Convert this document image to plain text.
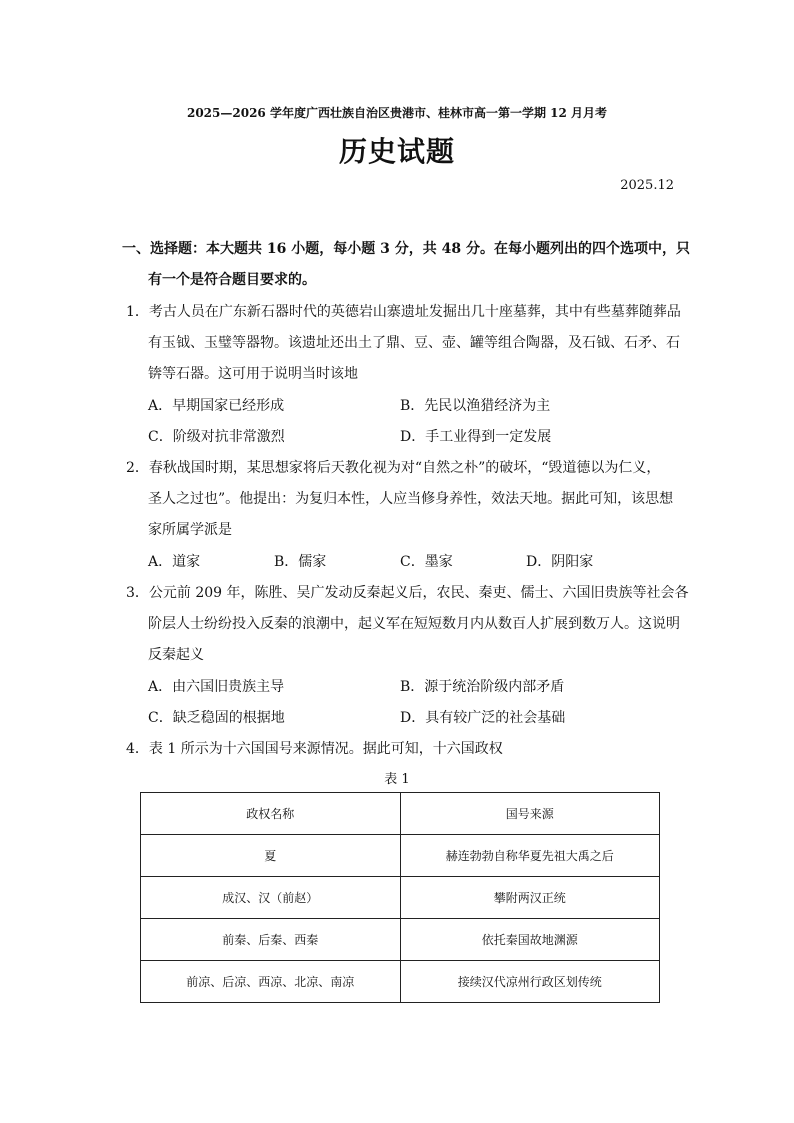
2025—2026 学年度广西壮族自治区贵港市、桂林市高一第一学期 12 月月考
历史试题
2025.12
一、选择题：本大题共 16 小题，每小题 3 分，共 48 分。在每小题列出的四个选项中，只
有一个是符合题目要求的。
1．考古人员在广东新石器时代的英德岩山寨遗址发掘出几十座墓葬，其中有些墓葬随葬品
有玉钺、玉璧等器物。该遗址还出土了鼎、豆、壶、罐等组合陶器，及石钺、石矛、石
锛等石器。这可用于说明当时该地
A．早期国家已经形成	B．先民以渔猎经济为主
C．阶级对抗非常激烈	D．手工业得到一定发展
2．春秋战国时期，某思想家将后天教化视为对“自然之朴”的破坏，“毁道德以为仁义，
圣人之过也”。他提出：为复归本性，人应当修身养性，效法天地。据此可知，该思想
家所属学派是
A．道家	B．儒家	C．墨家	D．阴阳家
3．公元前 209 年，陈胜、吴广发动反秦起义后，农民、秦吏、儒士、六国旧贵族等社会各
阶层人士纷纷投入反秦的浪潮中，起义军在短短数月内从数百人扩展到数万人。这说明
反秦起义
A．由六国旧贵族主导	B．源于统治阶级内部矛盾
C．缺乏稳固的根据地	D．具有较广泛的社会基础
4．表 1 所示为十六国国号来源情况。据此可知，十六国政权
表 1
政权名称	国号来源
夏	赫连勃勃自称华夏先祖大禹之后
成汉、汉（前赵）	攀附两汉正统
前秦、后秦、西秦	依托秦国故地渊源
前凉、后凉、西凉、北凉、南凉	接续汉代凉州行政区划传统
